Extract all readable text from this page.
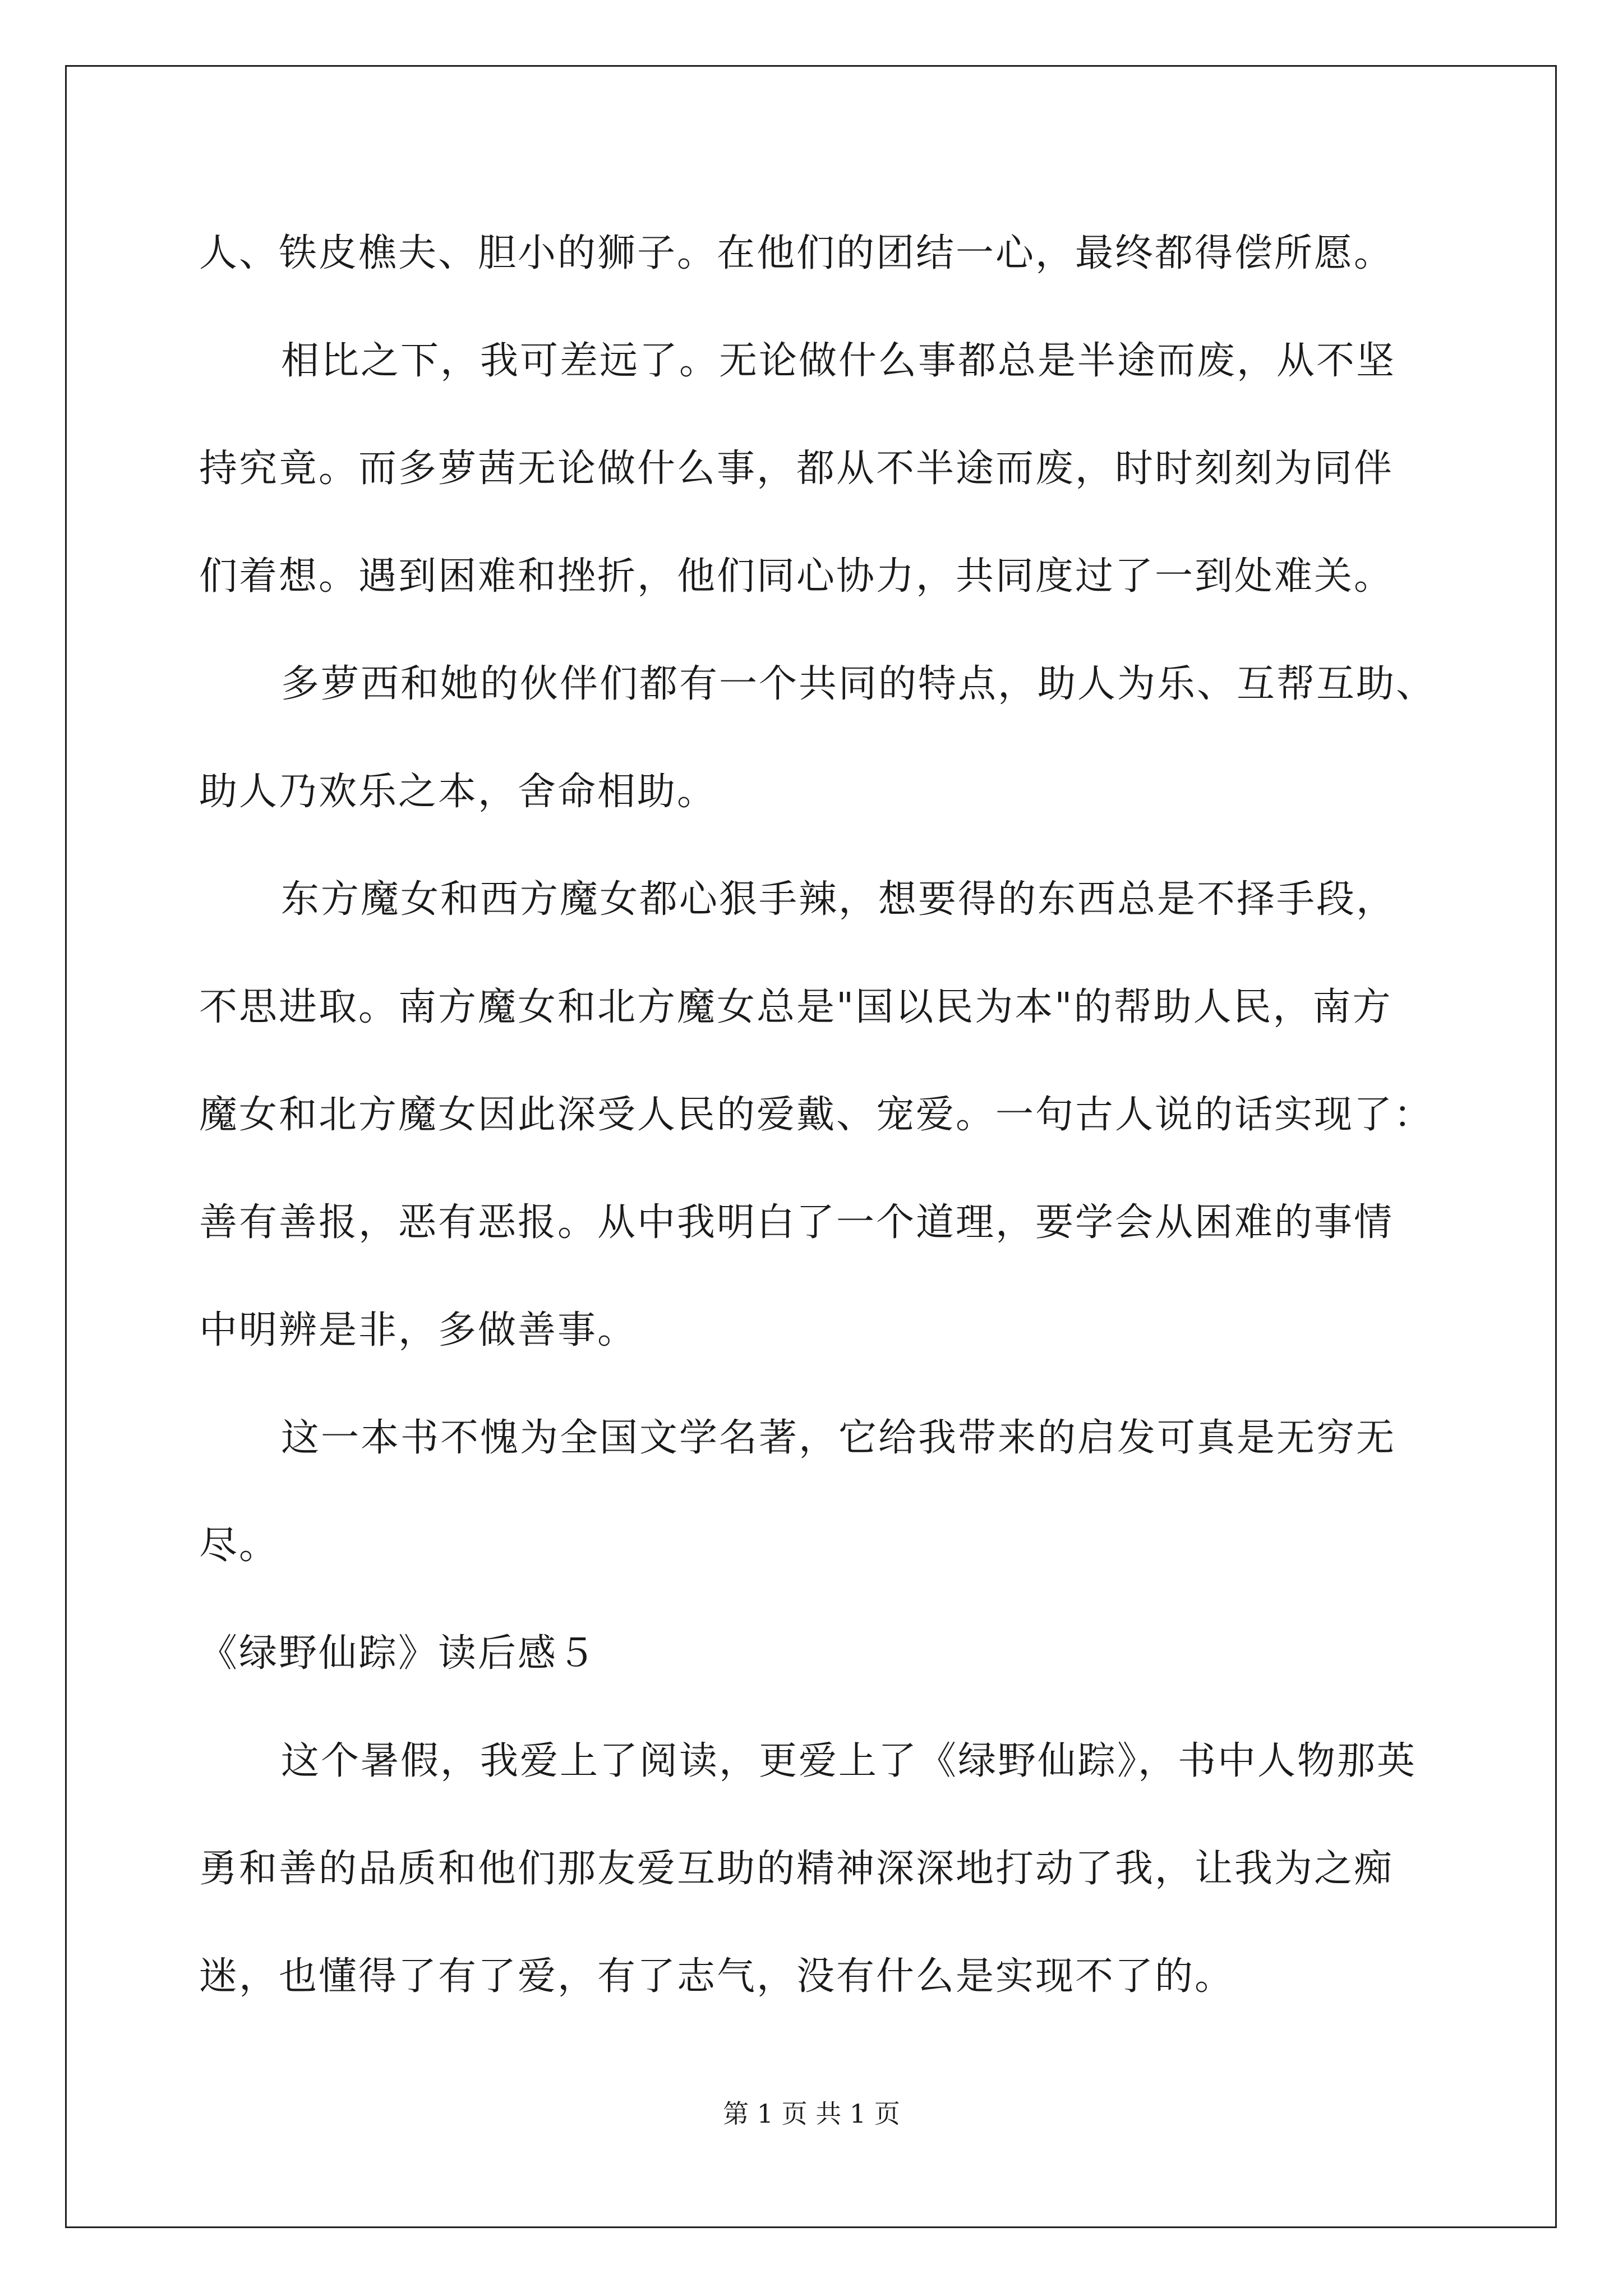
人、铁皮樵夫、胆小的狮子。在他们的团结一心，最终都得偿所愿。
相比之下，我可差远了。无论做什么事都总是半途而废，从不坚
持究竟。而多萝茜无论做什么事，都从不半途而废，时时刻刻为同伴
们着想。遇到困难和挫折，他们同心协力，共同度过了一到处难关。
多萝西和她的伙伴们都有一个共同的特点，助人为乐、互帮互助、
助人乃欢乐之本，舍命相助。
东方魔女和西方魔女都心狠手辣，想要得的东西总是不择手段，
不思进取。南方魔女和北方魔女总是"国以民为本"的帮助人民，南方
魔女和北方魔女因此深受人民的爱戴、宠爱。一句古人说的话实现了：
善有善报，恶有恶报。从中我明白了一个道理，要学会从困难的事情
中明辨是非，多做善事。
这一本书不愧为全国文学名著，它给我带来的启发可真是无穷无
尽。
《绿野仙踪》读后感５
这个暑假，我爱上了阅读，更爱上了《绿野仙踪》，书中人物那英
勇和善的品质和他们那友爱互助的精神深深地打动了我，让我为之痴
迷，也懂得了有了爱，有了志气，没有什么是实现不了的。
第 1 页 共 1 页
